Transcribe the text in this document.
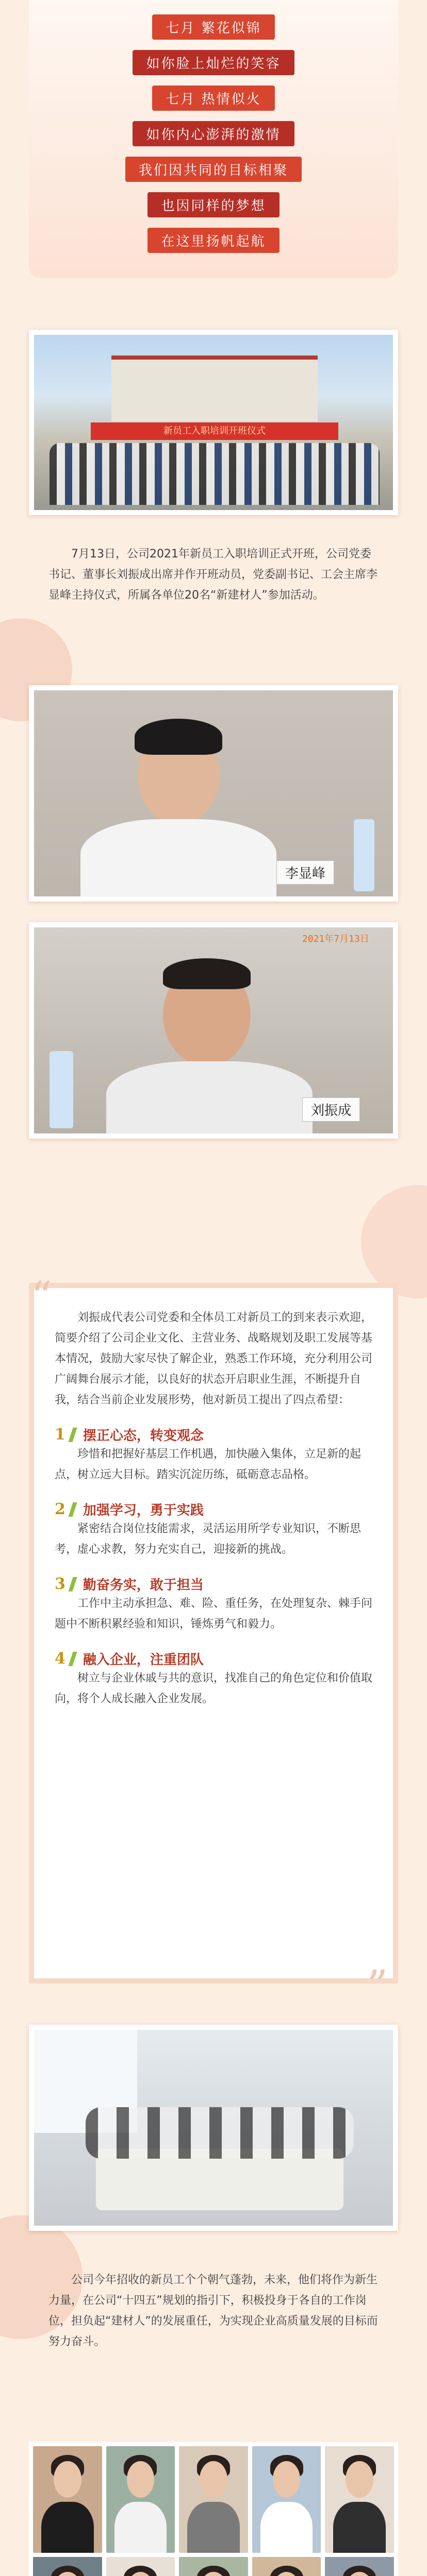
七月 繁花似锦
如你脸上灿烂的笑容
七月 热情似火
如你内心澎湃的激情
我们因共同的目标相聚
也因同样的梦想
在这里扬帆起航
新员工入职培训开班仪式
7月13日，公司2021年新员工入职培训正式开班，公司党委书记、董事长刘振成出席并作开班动员，党委副书记、工会主席李显峰主持仪式，所属各单位20名“新建材人”参加活动。
李显峰
2021年7月13日
刘振成
“	刘振成代表公司党委和全体员工对新员工的到来表示欢迎，简要介绍了公司企业文化、主营业务、战略规划及职工发展等基本情况，鼓励大家尽快了解企业，熟悉工作环境，充分利用公司广阔舞台展示才能，以良好的状态开启职业生涯，不断提升自我，结合当前企业发展形势，他对新员工提出了四点希望：

1 摆正心态，转变观念

珍惜和把握好基层工作机遇，加快融入集体，立足新的起点，树立远大目标。踏实沉淀历练，砥砺意志品格。

2 加强学习，勇于实践

紧密结合岗位技能需求，灵活运用所学专业知识，不断思考，虚心求教，努力充实自己，迎接新的挑战。

3 勤奋务实，敢于担当

工作中主动承担急、难、险、重任务，在处理复杂、棘手问题中不断积累经验和知识，锤炼勇气和毅力。

4 融入企业，注重团队

树立与企业休戚与共的意识，找准自己的角色定位和价值取向，将个人成长融入企业发展。

”
公司今年招收的新员工个个朝气蓬勃，未来，他们将作为新生力量，在公司“十四五”规划的指引下，积极投身于各自的工作岗位，担负起“建材人”的发展重任，为实现企业高质量发展的目标而努力奋斗。
